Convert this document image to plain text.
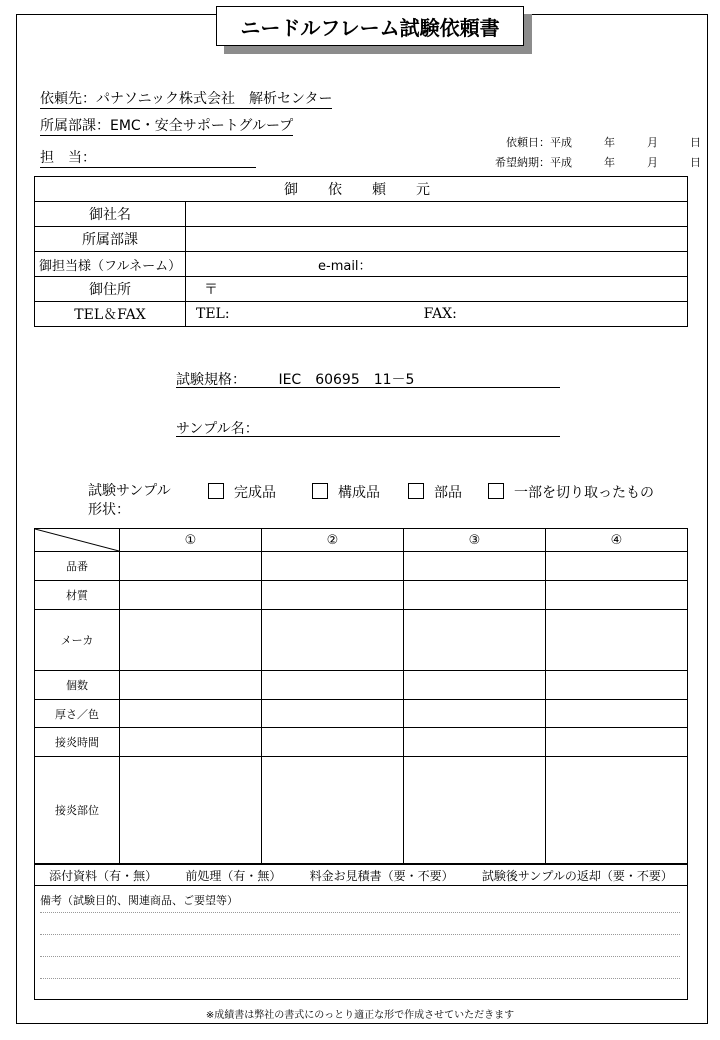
ニードルフレーム試験依頼書
依頼先：パナソニック株式会社　解析センター
所属部課：EMC・安全サポートグループ
担　当：
依頼日：平成	年	月	日
希望納期：平成	年	月	日
御　依　頼　元	
御社名	
所属部課	
御担当様（フルネーム）	e-mail：
御住所	〒
TEL＆FAX	TEL: FAX:
試験規格： IEC　60695　11－5
サンプル名：
試験サンプル形状：
完成品	構成品	部品	一部を切り取ったもの
	①	②	③	④
品番				
材質				
メーカ				
個数				
厚さ／色				
接炎時間				
接炎部位				
添付資料（有・無） 前処理（有・無） 料金お見積書（要・不要） 試験後サンプルの返却（要・不要）
備考（試験目的、関連商品、ご要望等）
※成績書は弊社の書式にのっとり適正な形で作成させていただきます
